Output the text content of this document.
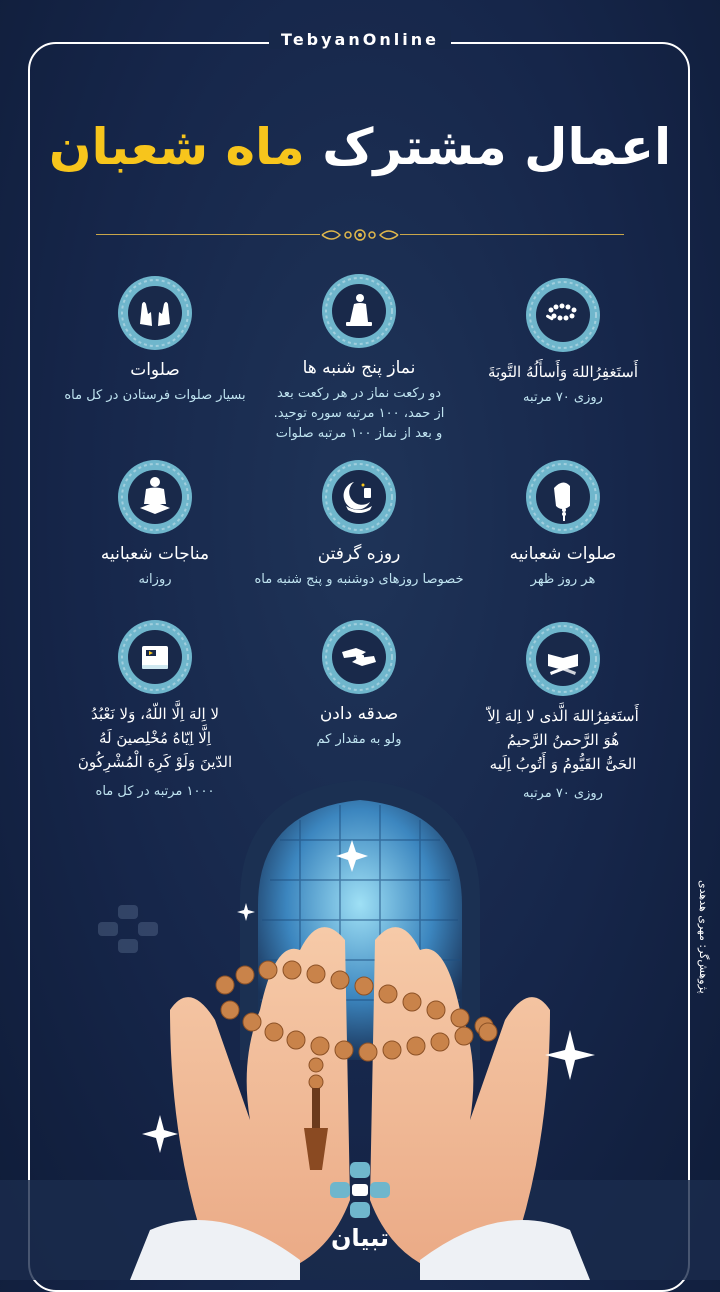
TebyanOnline
اعمال مشترک ماه شعبان
أَستَغفِرُاللهَ وَأَسأَلُهُ التَّوبَةَ
روزی ۷۰ مرتبه
نماز پنج شنبه ها
دو رکعت نماز در هر رکعت بعد
از حمد، ۱۰۰ مرتبه سوره توحید.
و بعد از نماز ۱۰۰ مرتبه صلوات
صلوات
بسیار صلوات فرستادن در کل ماه
صلوات شعبانیه
هر روز ظهر
روزه گرفتن
خصوصا روزهای دوشنبه و پنج شنبه ماه
مناجات شعبانیه
روزانه
أَستَغفِرُاللهَ الَّذی لا اِلهَ اِلاّ
هُوَ الرَّحمنُ الرَّحیمُ
الحَیُّ القَیُّومُ وَ أَتُوبُ اِلَیه
روزی ۷۰ مرتبه
صدقه دادن
ولو به مقدار کم
لا اِلهَ اِلَّا اللّهُ، وَلا نَعْبُدُ
اِلَّا اِیّاهُ مُخْلِصینَ لَهُ
الدّینَ وَلَوْ کَرِهَ الْمُشْرِکُونَ
۱۰۰۰ مرتبه در کل ماه
پژوهش‌گر: مهری هدهدی
تبیان
